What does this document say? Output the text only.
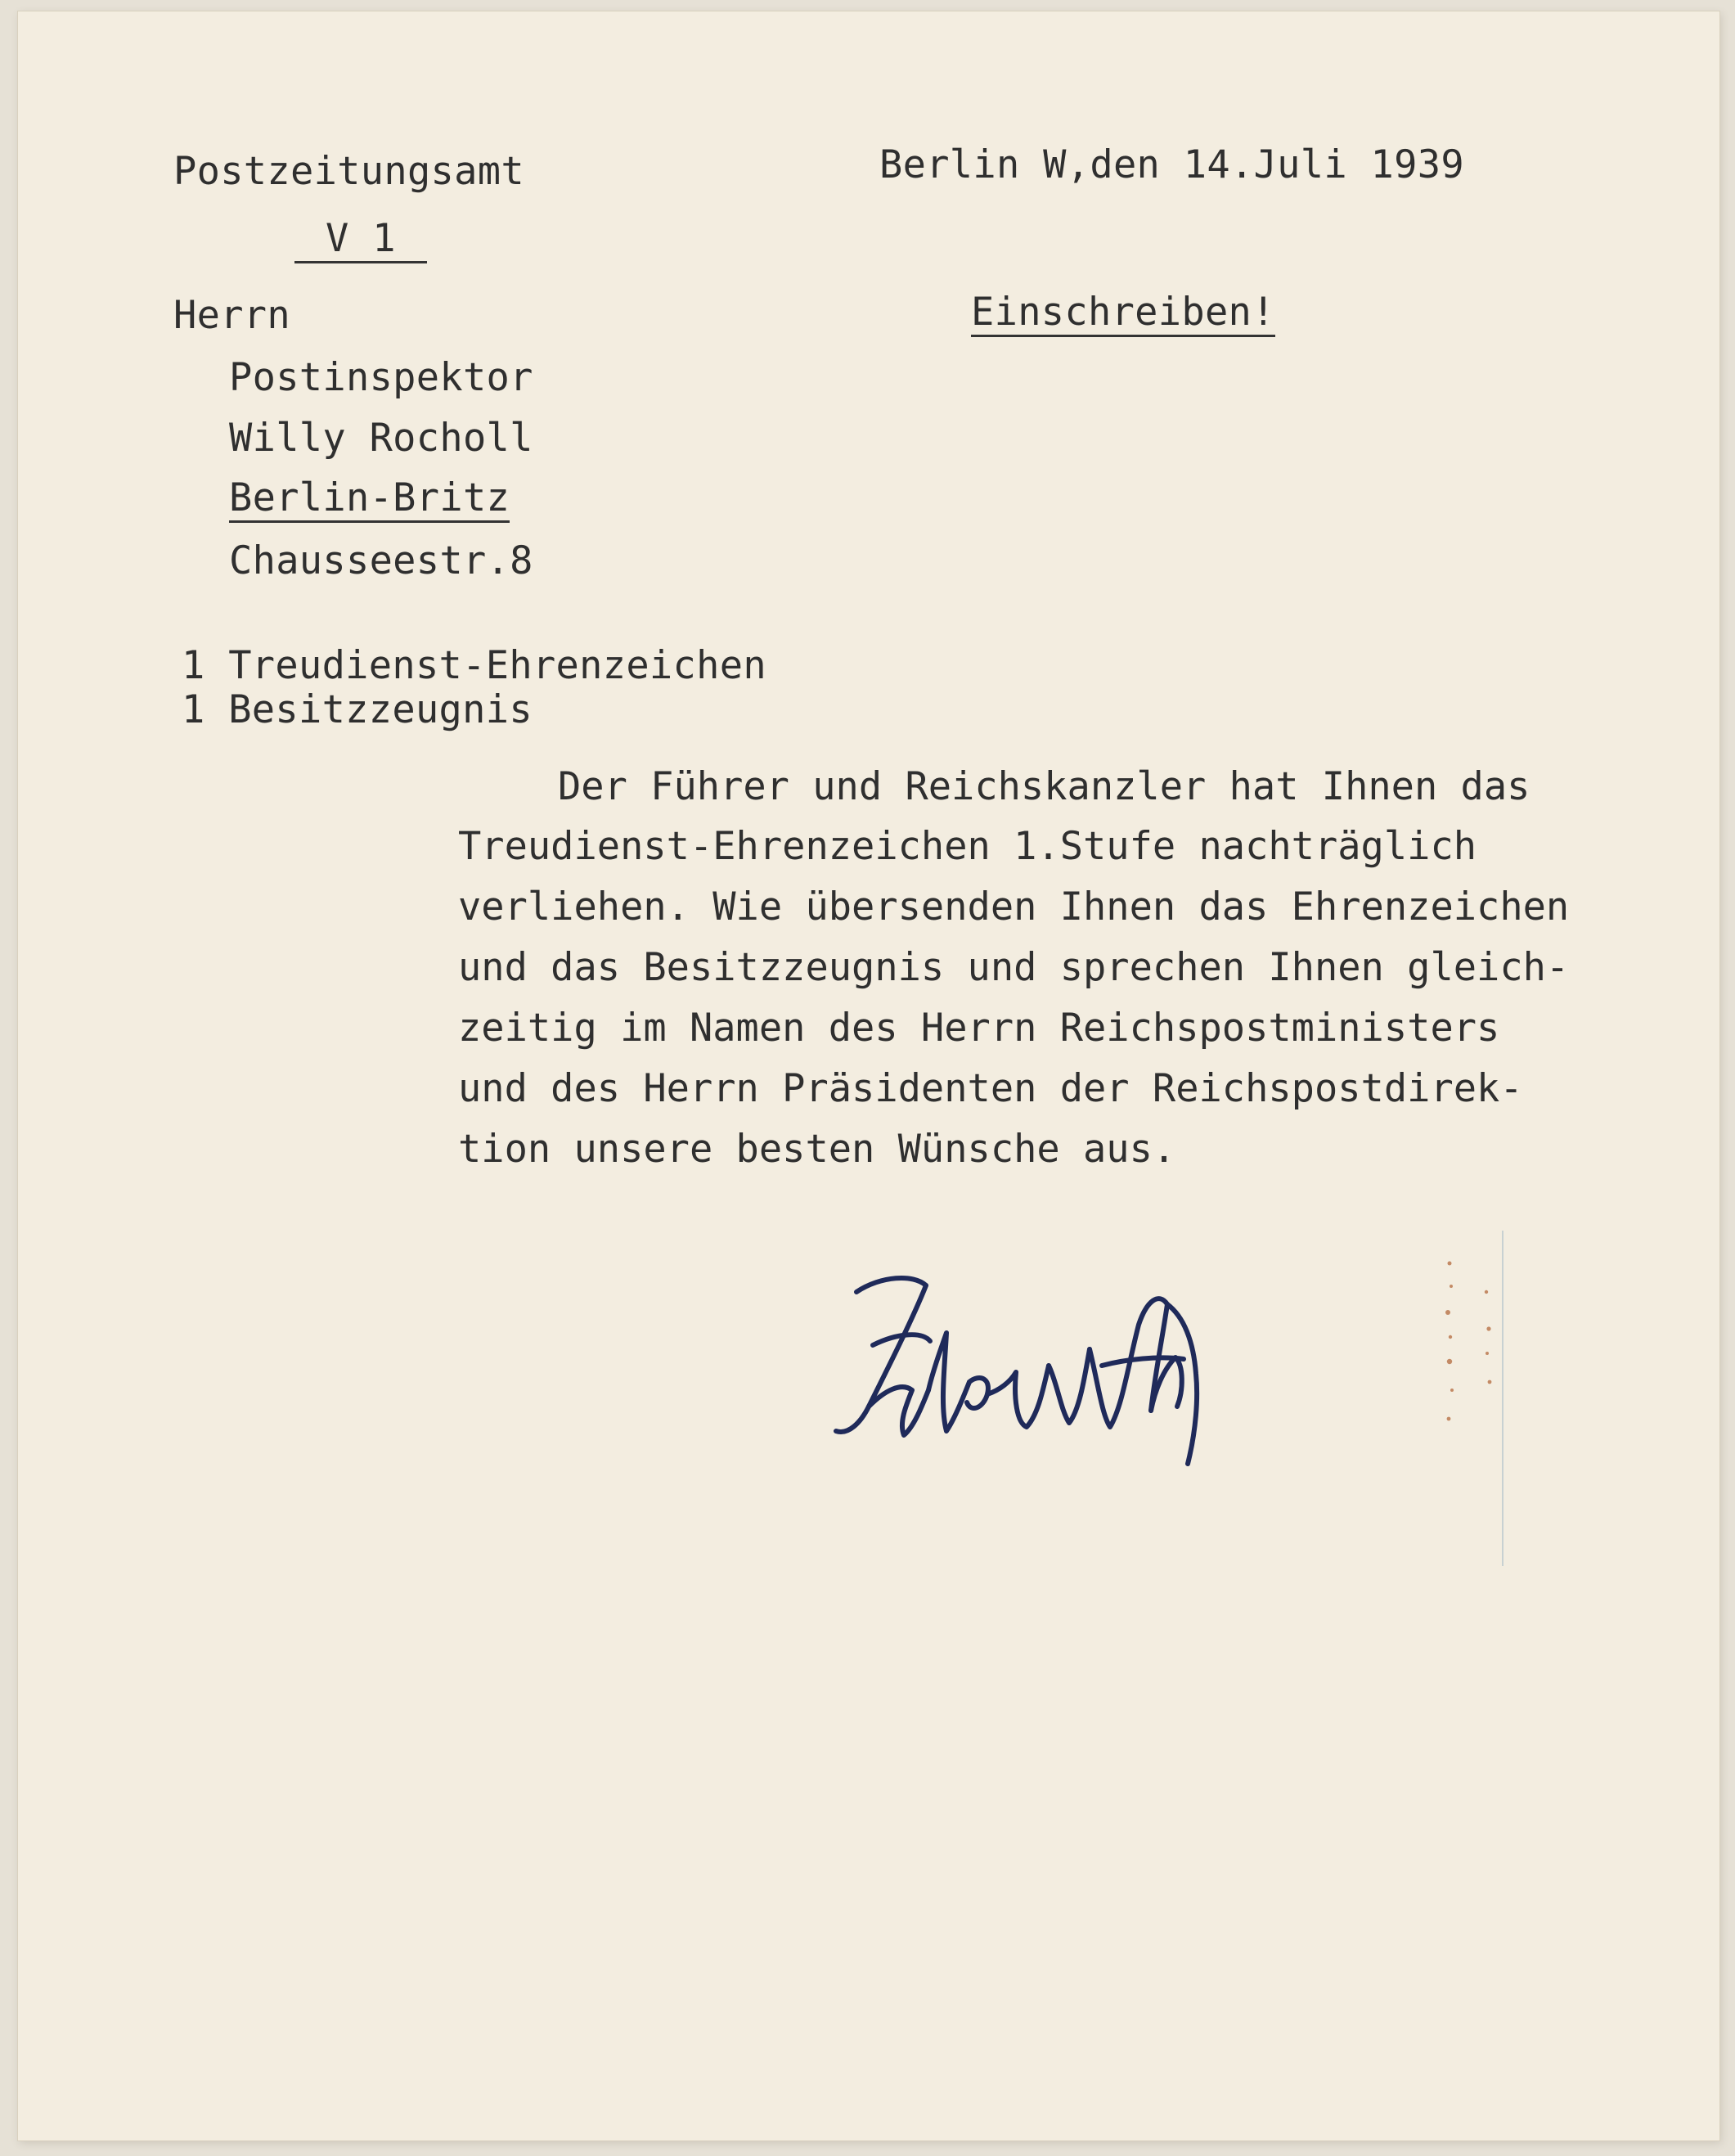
Postzeitungsamt	Berlin W,den 14.Juli 1939
V 1
Herrn	Einschreiben!
Postinspektor
Willy Rocholl
Berlin-Britz
Chausseestr.8
1 Treudienst-Ehrenzeichen
1 Besitzzeugnis
Der Führer und Reichskanzler hat Ihnen das
Treudienst-Ehrenzeichen 1.Stufe nachträglich
verliehen. Wie übersenden Ihnen das Ehrenzeichen
und das Besitzzeugnis und sprechen Ihnen gleich-
zeitig im Namen des Herrn Reichspostministers
und des Herrn Präsidenten der Reichspostdirek-
tion unsere besten Wünsche aus.
